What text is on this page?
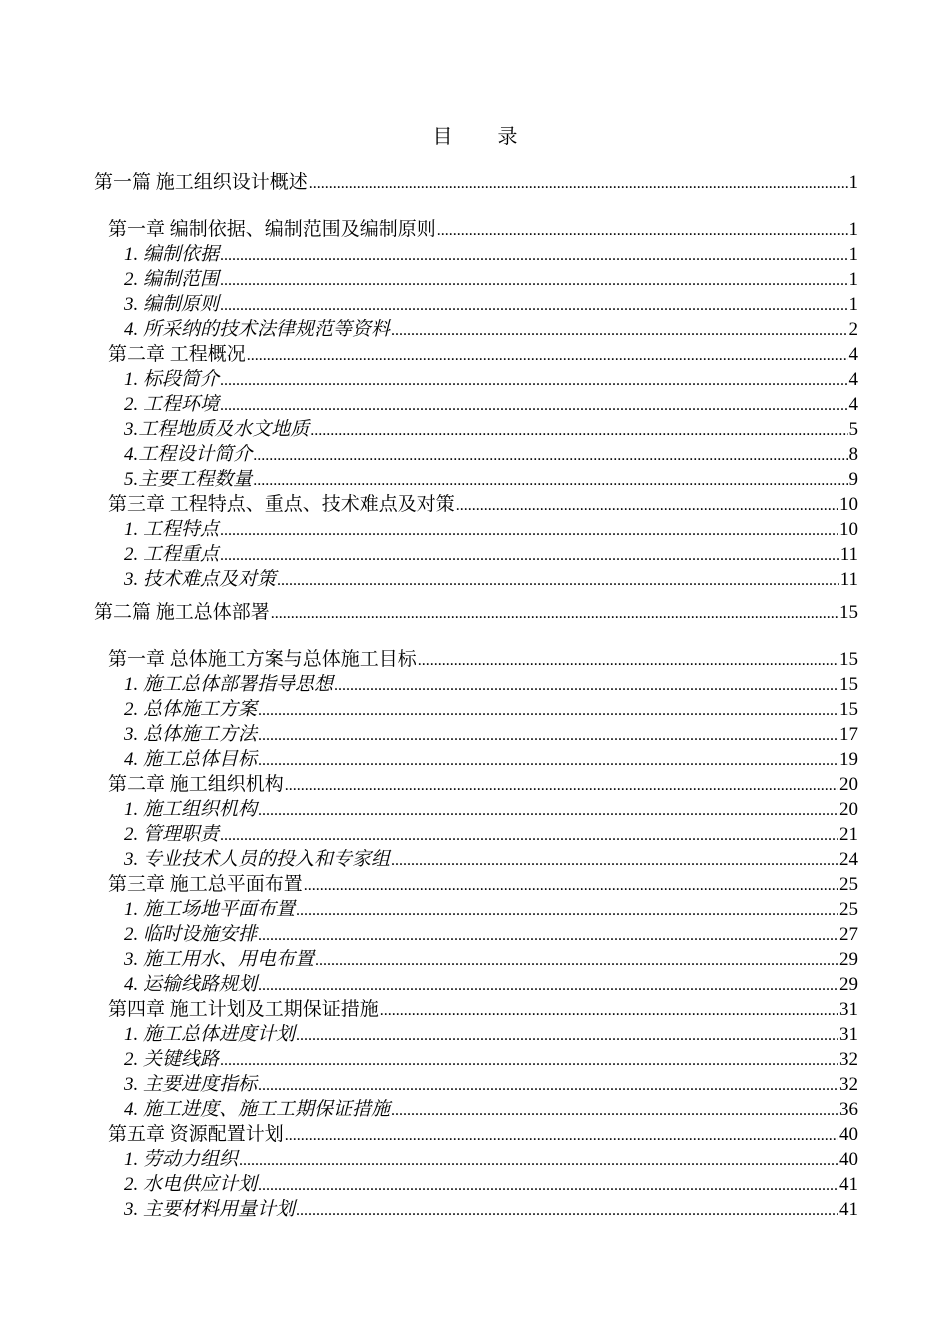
目 录
第一篇 施工组织设计概述 .....	1
第一章 编制依据、编制范围及编制原则 .....	1
1. 编制依据 .....	1
2. 编制范围 .....	1
3. 编制原则 .....	1
4. 所采纳的技术法律规范等资料 .....	2
第二章 工程概况 .....	4
1. 标段简介 .....	4
2. 工程环境 .....	4
3.工程地质及水文地质 .....	5
4.工程设计简介 .....	8
5.主要工程数量 .....	9
第三章 工程特点、重点、技术难点及对策 .....	10
1. 工程特点 .....	10
2. 工程重点 .....	11
3. 技术难点及对策 .....	11
第二篇 施工总体部署 .....	15
第一章 总体施工方案与总体施工目标 .....	15
1. 施工总体部署指导思想 .....	15
2. 总体施工方案 .....	15
3. 总体施工方法 .....	17
4. 施工总体目标 .....	19
第二章 施工组织机构 .....	20
1. 施工组织机构 .....	20
2. 管理职责 .....	21
3. 专业技术人员的投入和专家组 .....	24
第三章 施工总平面布置 .....	25
1. 施工场地平面布置 .....	25
2. 临时设施安排 .....	27
3. 施工用水、用电布置 .....	29
4. 运输线路规划 .....	29
第四章 施工计划及工期保证措施 .....	31
1. 施工总体进度计划 .....	31
2. 关键线路 .....	32
3. 主要进度指标 .....	32
4. 施工进度、施工工期保证措施 .....	36
第五章 资源配置计划 .....	40
1. 劳动力组织 .....	40
2. 水电供应计划 .....	41
3. 主要材料用量计划 .....	41
